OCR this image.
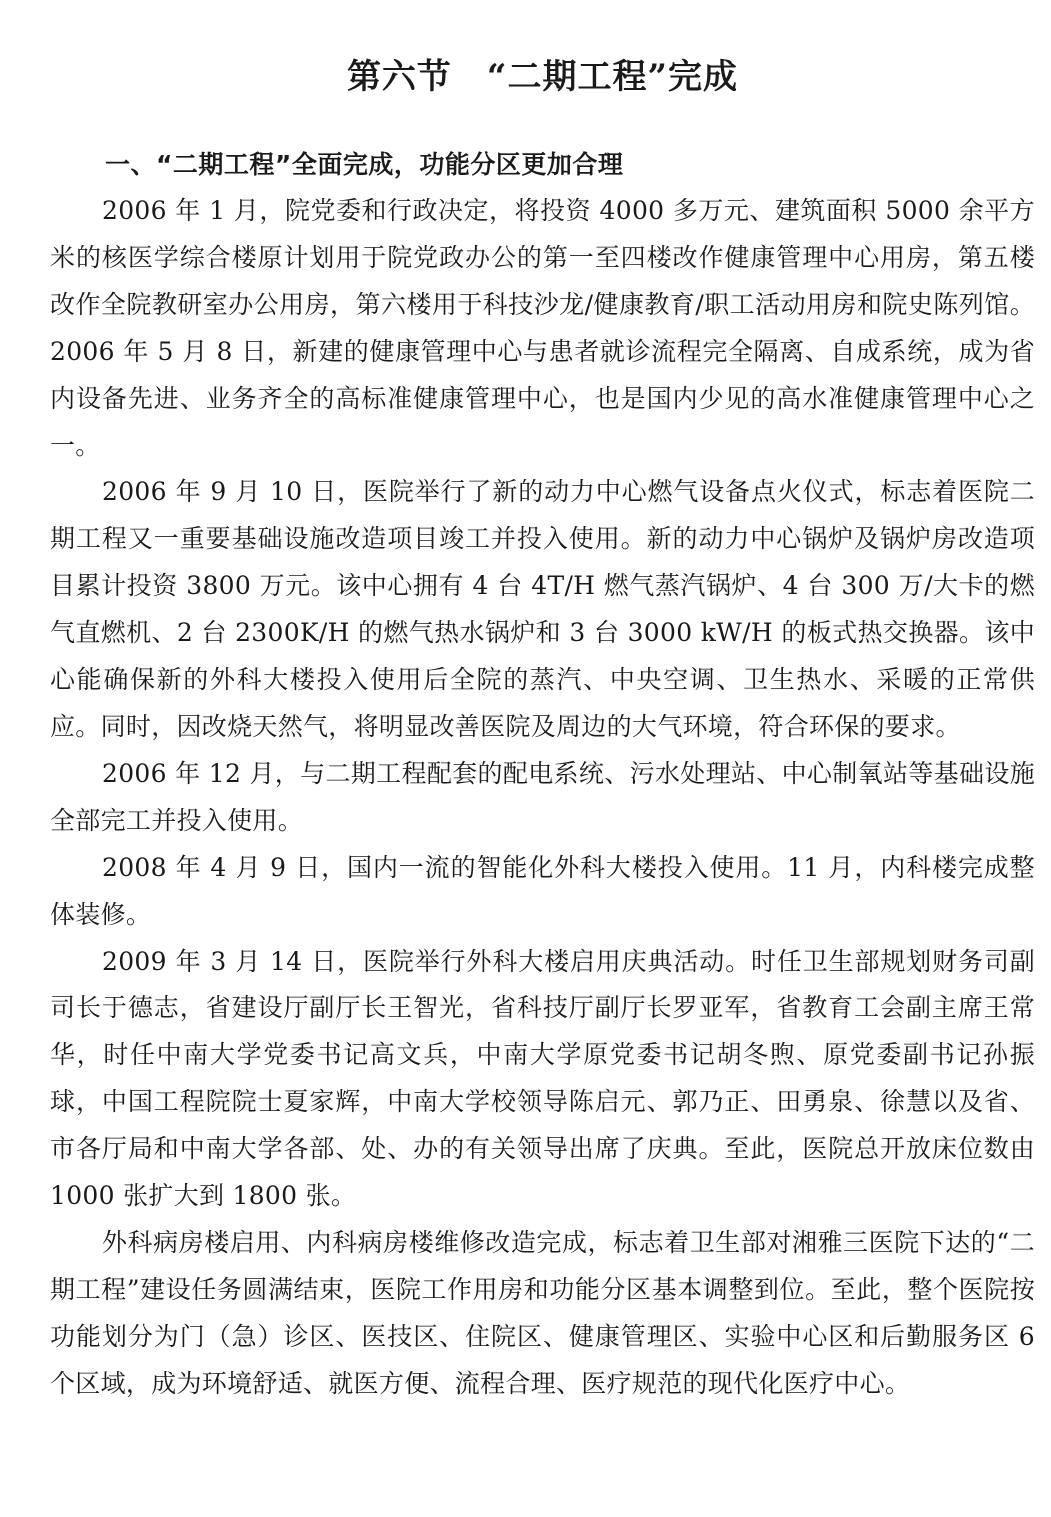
第六节　“二期工程”完成
一、“二期工程”全面完成，功能分区更加合理

2006 年 1 月，院党委和行政决定，将投资 4000 多万元、建筑面积 5000 余平方米的核医学综合楼原计划用于院党政办公的第一至四楼改作健康管理中心用房，第五楼改作全院教研室办公用房，第六楼用于科技沙龙/健康教育/职工活动用房和院史陈列馆。2006 年 5 月 8 日，新建的健康管理中心与患者就诊流程完全隔离、自成系统，成为省内设备先进、业务齐全的高标准健康管理中心，也是国内少见的高水准健康管理中心之一。

2006 年 9 月 10 日，医院举行了新的动力中心燃气设备点火仪式，标志着医院二期工程又一重要基础设施改造项目竣工并投入使用。新的动力中心锅炉及锅炉房改造项目累计投资 3800 万元。该中心拥有 4 台 4T/H 燃气蒸汽锅炉、4 台 300 万/大卡的燃气直燃机、2 台 2300K/H 的燃气热水锅炉和 3 台 3000 kW/H 的板式热交换器。该中心能确保新的外科大楼投入使用后全院的蒸汽、中央空调、卫生热水、采暖的正常供应。同时，因改烧天然气，将明显改善医院及周边的大气环境，符合环保的要求。

2006 年 12 月，与二期工程配套的配电系统、污水处理站、中心制氧站等基础设施全部完工并投入使用。

2008 年 4 月 9 日，国内一流的智能化外科大楼投入使用。11 月，内科楼完成整体装修。

2009 年 3 月 14 日，医院举行外科大楼启用庆典活动。时任卫生部规划财务司副司长于德志，省建设厅副厅长王智光，省科技厅副厅长罗亚军，省教育工会副主席王常华，时任中南大学党委书记高文兵，中南大学原党委书记胡冬煦、原党委副书记孙振球，中国工程院院士夏家辉，中南大学校领导陈启元、郭乃正、田勇泉、徐慧以及省、市各厅局和中南大学各部、处、办的有关领导出席了庆典。至此，医院总开放床位数由 1000 张扩大到 1800 张。

外科病房楼启用、内科病房楼维修改造完成，标志着卫生部对湘雅三医院下达的“二期工程”建设任务圆满结束，医院工作用房和功能分区基本调整到位。至此，整个医院按功能划分为门（急）诊区、医技区、住院区、健康管理区、实验中心区和后勤服务区 6 个区域，成为环境舒适、就医方便、流程合理、医疗规范的现代化医疗中心。
